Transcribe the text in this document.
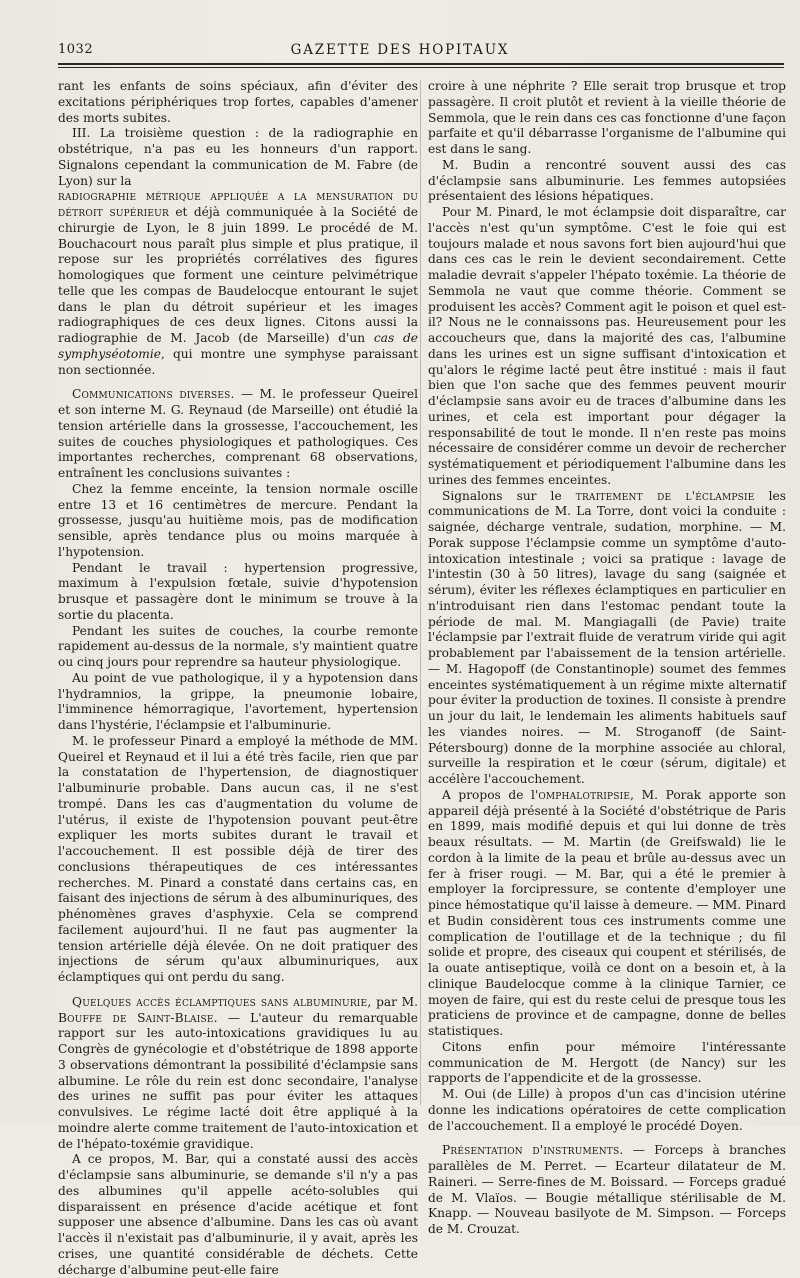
1032	GAZETTE DES HOPITAUX

rant les enfants de soins spéciaux, afin d'éviter des excitations périphériques trop fortes, capables d'amener des morts subites.

III. La troisième question : de la radiographie en obstétrique, n'a pas eu les honneurs d'un rapport. Signalons cependant la communication de M. Fabre (de Lyon) sur la

radiographie métrique appliquée a la mensuration du détroit supérieur et déjà communiquée à la Société de chirurgie de Lyon, le 8 juin 1899. Le procédé de M. Bouchacourt nous paraît plus simple et plus pratique, il repose sur les propriétés corrélatives des figures homologiques que forment une ceinture pelvimétrique telle que les compas de Baudelocque entourant le sujet dans le plan du détroit supérieur et les images radiographiques de ces deux lignes. Citons aussi la radiographie de M. Jacob (de Marseille) d'un cas de symphyséotomie, qui montre une symphyse paraissant non sectionnée.

Communications diverses. — M. le professeur Queirel et son interne M. G. Reynaud (de Marseille) ont étudié la tension artérielle dans la grossesse, l'accouchement, les suites de couches physiologiques et pathologiques. Ces importantes recherches, comprenant 68 observations, entraînent les conclusions suivantes :

Chez la femme enceinte, la tension normale oscille entre 13 et 16 centimètres de mercure. Pendant la grossesse, jusqu'au huitième mois, pas de modification sensible, après tendance plus ou moins marquée à l'hypotension.

Pendant le travail : hypertension progressive, maximum à l'expulsion fœtale, suivie d'hypotension brusque et passagère dont le minimum se trouve à la sortie du placenta.

Pendant les suites de couches, la courbe remonte rapidement au-dessus de la normale, s'y maintient quatre ou cinq jours pour reprendre sa hauteur physiologique.

Au point de vue pathologique, il y a hypotension dans l'hydramnios, la grippe, la pneumonie lobaire, l'imminence hémorragique, l'avortement, hypertension dans l'hystérie, l'éclampsie et l'albuminurie.

M. le professeur Pinard a employé la méthode de MM. Queirel et Reynaud et il lui a été très facile, rien que par la constatation de l'hypertension, de diagnostiquer l'albuminurie probable. Dans aucun cas, il ne s'est trompé. Dans les cas d'augmentation du volume de l'utérus, il existe de l'hypotension pouvant peut-être expliquer les morts subites durant le travail et l'accouchement. Il est possible déjà de tirer des conclusions thérapeutiques de ces intéressantes recherches. M. Pinard a constaté dans certains cas, en faisant des injections de sérum à des albuminuriques, des phénomènes graves d'asphyxie. Cela se comprend facilement aujourd'hui. Il ne faut pas augmenter la tension artérielle déjà élevée. On ne doit pratiquer des injections de sérum qu'aux albuminuriques, aux éclamptiques qui ont perdu du sang.

Quelques accès éclamptiques sans albuminurie, par M. Bouffe de Saint-Blaise. — L'auteur du remarquable rapport sur les auto-intoxications gravidiques lu au Congrès de gynécologie et d'obstétrique de 1898 apporte 3 observations démontrant la possibilité d'éclampsie sans albumine. Le rôle du rein est donc secondaire, l'analyse des urines ne suffit pas pour éviter les attaques convulsives. Le régime lacté doit être appliqué à la moindre alerte comme traitement de l'auto-intoxication et de l'hépato-toxémie gravidique.

A ce propos, M. Bar, qui a constaté aussi des accès d'éclampsie sans albuminurie, se demande s'il n'y a pas des albumines qu'il appelle acéto-solubles qui disparaissent en présence d'acide acétique et font supposer une absence d'albumine. Dans les cas où avant l'accès il n'existait pas d'albuminurie, il y avait, après les crises, une quantité considérable de déchets. Cette décharge d'albumine peut-elle faire

croire à une néphrite ? Elle serait trop brusque et trop passagère. Il croit plutôt et revient à la vieille théorie de Semmola, que le rein dans ces cas fonctionne d'une façon parfaite et qu'il débarrasse l'organisme de l'albumine qui est dans le sang.

M. Budin a rencontré souvent aussi des cas d'éclampsie sans albuminurie. Les femmes autopsiées présentaient des lésions hépatiques.

Pour M. Pinard, le mot éclampsie doit disparaître, car l'accès n'est qu'un symptôme. C'est le foie qui est toujours malade et nous savons fort bien aujourd'hui que dans ces cas le rein le devient secondairement. Cette maladie devrait s'appeler l'hépato toxémie. La théorie de Semmola ne vaut que comme théorie. Comment se produisent les accès? Comment agit le poison et quel est-il? Nous ne le connaissons pas. Heureusement pour les accoucheurs que, dans la majorité des cas, l'albumine dans les urines est un signe suffisant d'intoxication et qu'alors le régime lacté peut être institué : mais il faut bien que l'on sache que des femmes peuvent mourir d'éclampsie sans avoir eu de traces d'albumine dans les urines, et cela est important pour dégager la responsabilité de tout le monde. Il n'en reste pas moins nécessaire de considérer comme un devoir de rechercher systématiquement et périodiquement l'albumine dans les urines des femmes enceintes.

Signalons sur le traitement de l'éclampsie les communications de M. La Torre, dont voici la conduite : saignée, décharge ventrale, sudation, morphine. — M. Porak suppose l'éclampsie comme un symptôme d'auto-intoxication intestinale ; voici sa pratique : lavage de l'intestin (30 à 50 litres), lavage du sang (saignée et sérum), éviter les réflexes éclamptiques en particulier en n'introduisant rien dans l'estomac pendant toute la période de mal. M. Mangiagalli (de Pavie) traite l'éclampsie par l'extrait fluide de veratrum viride qui agit probablement par l'abaissement de la tension artérielle. — M. Hagopoff (de Constantinople) soumet des femmes enceintes systématiquement à un régime mixte alternatif pour éviter la production de toxines. Il consiste à prendre un jour du lait, le lendemain les aliments habituels sauf les viandes noires. — M. Stroganoff (de Saint-Pétersbourg) donne de la morphine associée au chloral, surveille la respiration et le cœur (sérum, digitale) et accélère l'accouchement.

A propos de l'omphalotripsie, M. Porak apporte son appareil déjà présenté à la Société d'obstétrique de Paris en 1899, mais modifié depuis et qui lui donne de très beaux résultats. — M. Martin (de Greifswald) lie le cordon à la limite de la peau et brûle au-dessus avec un fer à friser rougi. — M. Bar, qui a été le premier à employer la forcipressure, se contente d'employer une pince hémostatique qu'il laisse à demeure. — MM. Pinard et Budin considèrent tous ces instruments comme une complication de l'outillage et de la technique ; du fil solide et propre, des ciseaux qui coupent et stérilisés, de la ouate antiseptique, voilà ce dont on a besoin et, à la clinique Baudelocque comme à la clinique Tarnier, ce moyen de faire, qui est du reste celui de presque tous les praticiens de province et de campagne, donne de belles statistiques.

Citons enfin pour mémoire l'intéressante communication de M. Hergott (de Nancy) sur les rapports de l'appendicite et de la grossesse.

M. Oui (de Lille) à propos d'un cas d'incision utérine donne les indications opératoires de cette complication de l'accouchement. Il a employé le procédé Doyen.

Présentation d'instruments. — Forceps à branches parallèles de M. Perret. — Ecarteur dilatateur de M. Raineri. — Serre-fines de M. Boissard. — Forceps gradué de M. Vlaïos. — Bougie métallique stérilisable de M. Knapp. — Nouveau basilyote de M. Simpson. — Forceps de M. Crouzat.
